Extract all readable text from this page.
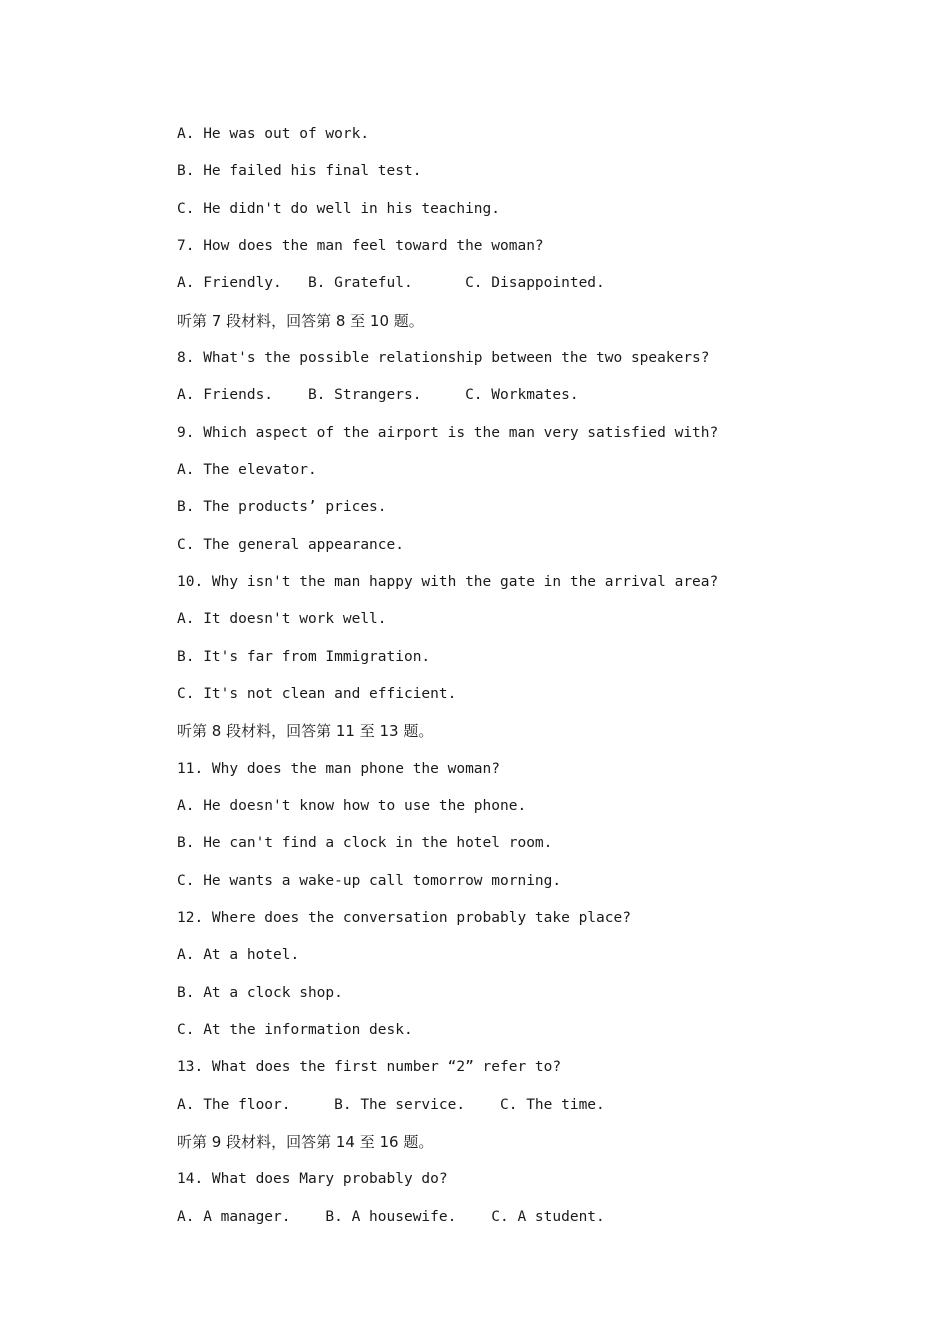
A. He was out of work.
B. He failed his final test.
C. He didn't do well in his teaching.
7. How does the man feel toward the woman?
A. Friendly.   B. Grateful.      C. Disappointed.
听第 7 段材料，回答第 8 至 10 题。
8. What's the possible relationship between the two speakers?
A. Friends.    B. Strangers.     C. Workmates.
9. Which aspect of the airport is the man very satisfied with?
A. The elevator.
B. The products’ prices.
C. The general appearance.
10. Why isn't the man happy with the gate in the arrival area?
A. It doesn't work well.
B. It's far from Immigration.
C. It's not clean and efficient.
听第 8 段材料，回答第 11 至 13 题。
11. Why does the man phone the woman?
A. He doesn't know how to use the phone.
B. He can't find a clock in the hotel room.
C. He wants a wake-up call tomorrow morning.
12. Where does the conversation probably take place?
A. At a hotel.
B. At a clock shop.
C. At the information desk.
13. What does the first number “2” refer to?
A. The floor.     B. The service.    C. The time.
听第 9 段材料，回答第 14 至 16 题。
14. What does Mary probably do?
A. A manager.    B. A housewife.    C. A student.
